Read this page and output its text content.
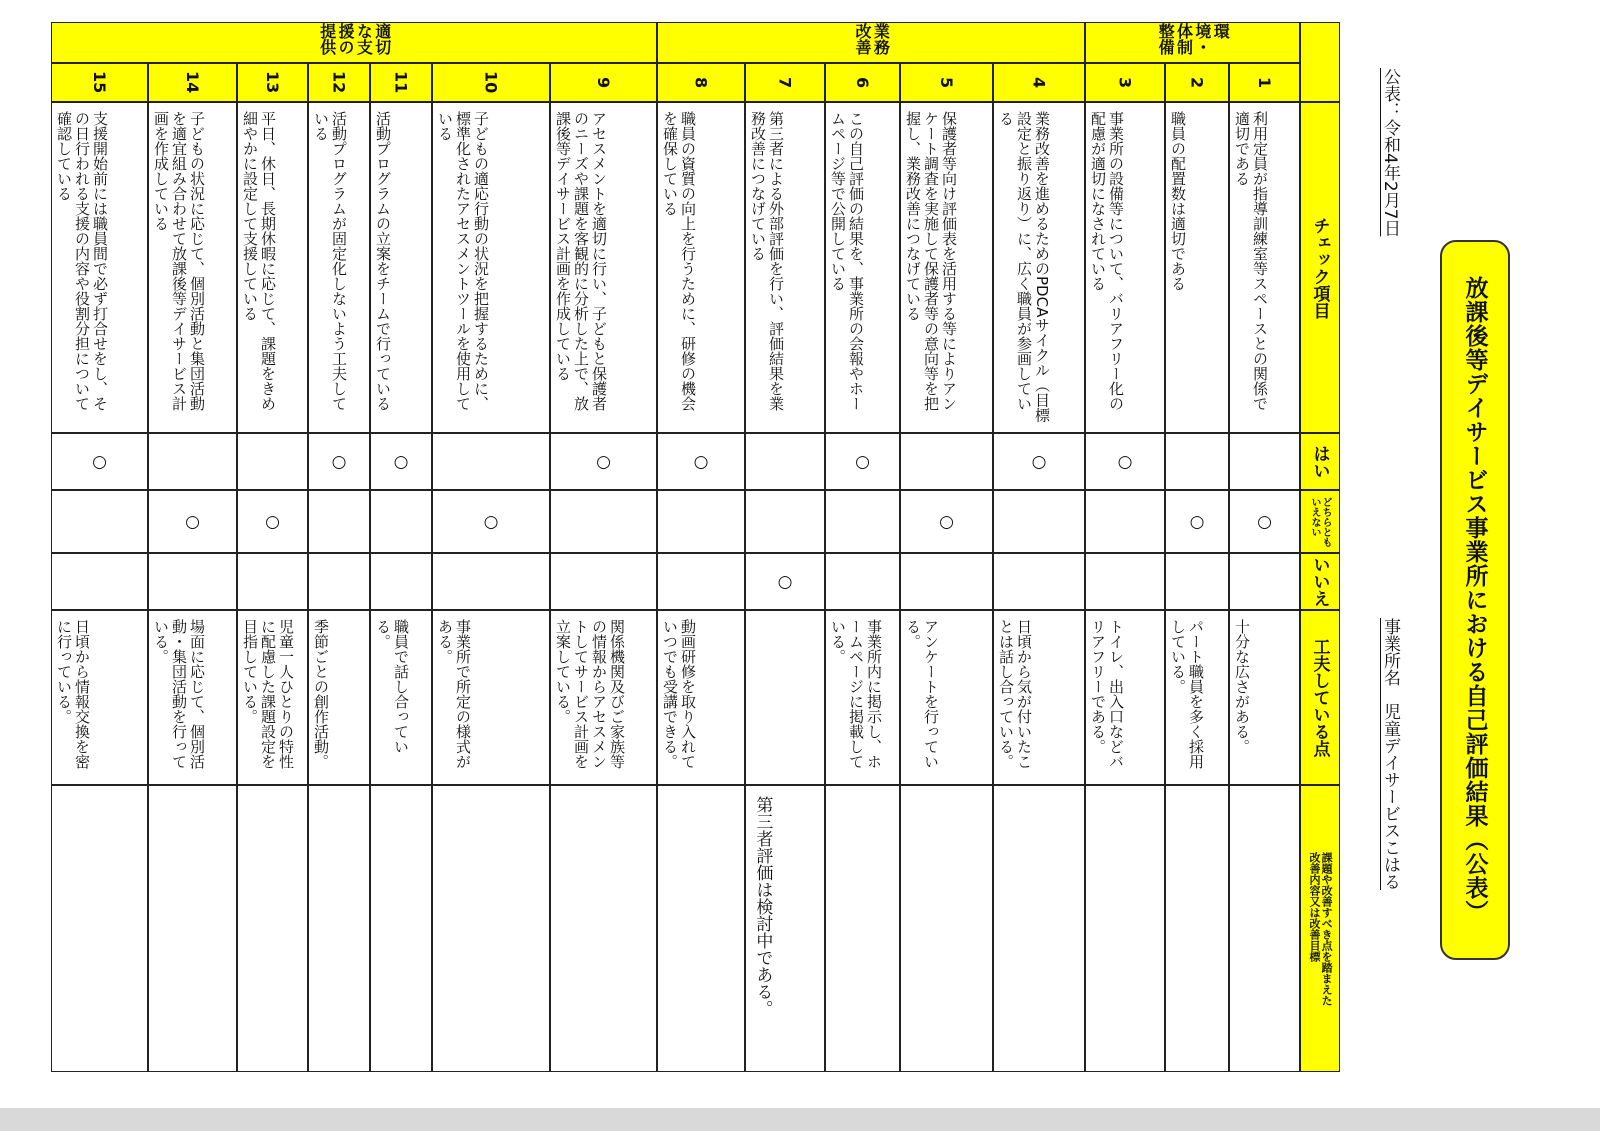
放課後等デイサービス事業所における自己評価結果（公表）
公表：令和4年2月7日
事業所名　児童デイサービスこはる
チェック項目
はい
どちらとも
いえない
いいえ
工夫している点
課題や改善すべき点を踏まえた
改善内容又は改善目標
環境・体制整備
業務改善
適切な支援の提供
1
利用定員が指導訓練室等スペースとの関係で適切である
○
十分な広さがある。
2
職員の配置数は適切である
○
パート職員を多く採用している。
3
事業所の設備等について、バリアフリー化の配慮が適切になされている
○
トイレ、出入口などバリアフリーである。
4
業務改善を進めるためのPDCAサイクル（目標設定と振り返り）に、広く職員が参画している
○
日頃から気が付いたことは話し合っている。
5
保護者等向け評価表を活用する等によりアンケート調査を実施して保護者等の意向等を把握し、業務改善につなげている
○
アンケートを行っている。
6
この自己評価の結果を、事業所の会報やホームページ等で公開している
○
事業所内に掲示し、ホームページに掲載している。
7
第三者による外部評価を行い、評価結果を業務改善につなげている
○
第三者評価は検討中である。
8
職員の資質の向上を行うために、研修の機会を確保している
○
動画研修を取り入れていつでも受講できる。
9
アセスメントを適切に行い、子どもと保護者のニーズや課題を客観的に分析した上で、放課後等デイサービス計画を作成している
○
関係機関及びご家族等の情報からアセスメントしてサービス計画を立案している。
10
子どもの適応行動の状況を把握するために、標準化されたアセスメントツールを使用している
○
事業所で所定の様式がある。
11
活動プログラムの立案をチームで行っている
○
職員で話し合っている。
12
活動プログラムが固定化しないよう工夫している
○
季節ごとの創作活動。
13
平日、休日、長期休暇に応じて、課題をきめ細やかに設定して支援している
○
児童一人ひとりの特性に配慮した課題設定を目指している。
14
子どもの状況に応じて、個別活動と集団活動を適宜組み合わせて放課後等デイサービス計画を作成している
○
場面に応じて、個別活動・集団活動を行っている。
15
支援開始前には職員間で必ず打合せをし、その日行われる支援の内容や役割分担について確認している
○
日頃から情報交換を密に行っている。
